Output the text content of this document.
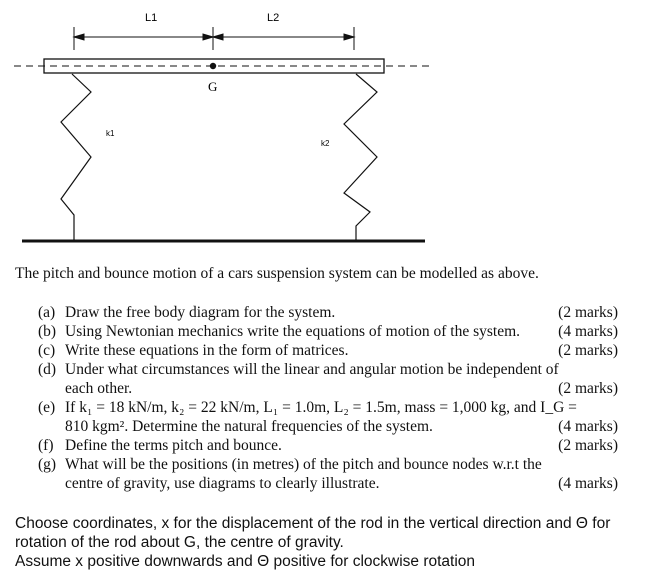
L1	L2
G
k1
k2
The pitch and bounce motion of a cars suspension system can be modelled as above.
(a) Draw the free body diagram for the system.	(2 marks)
(b) Using Newtonian mechanics write the equations of motion of the system. (4 marks)
(c) Write these equations in the form of matrices.	(2 marks)
(d) Under what circumstances will the linear and angular motion be independent of
each other.	(2 marks)
(e) If k₁ = 18 kN/m, k₂ = 22 kN/m, L₁ = 1.0m, L₂ = 1.5m, mass = 1,000 kg, and I_G =
810 kgm². Determine the natural frequencies of the system.	(4 marks)
(f) Define the terms pitch and bounce.	(2 marks)
(g) What will be the positions (in metres) of the pitch and bounce nodes w.r.t the
centre of gravity, use diagrams to clearly illustrate.	(4 marks)
Choose coordinates, x for the displacement of the rod in the vertical direction and Θ for
rotation of the rod about G, the centre of gravity.
Assume x positive downwards and Θ positive for clockwise rotation
